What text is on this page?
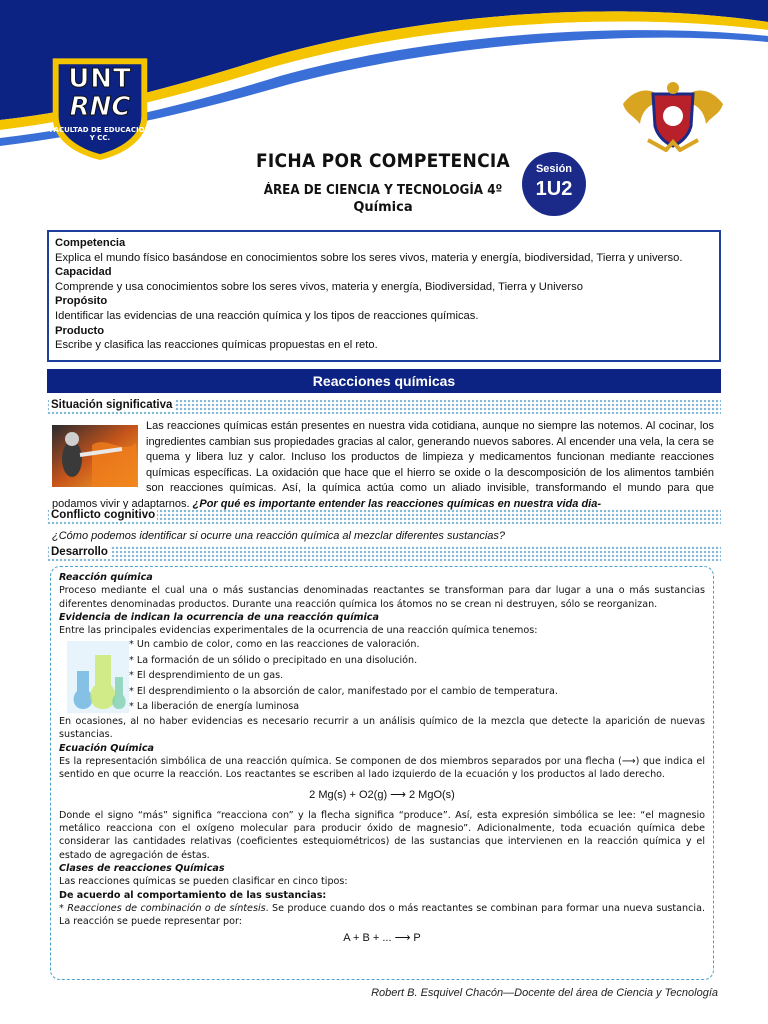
UNT
RNC
FACULTAD DE EDUCACION Y CC.
FICHA POR COMPETENCIA
ÁREA DE CIENCIA Y TECNOLOGÍA 4º
Química
Sesión
1U2
Competencia
Explica el mundo físico basándose en conocimientos sobre los seres vivos, materia y energía, biodiversidad, Tierra y universo.
Capacidad
Comprende y usa conocimientos sobre los seres vivos, materia y energía, Biodiversidad, Tierra y Universo
Propósito
Identificar las evidencias de una reacción química y los tipos de reacciones químicas.
Producto
Escribe y clasifica las reacciones químicas propuestas en el reto.
Reacciones químicas
Situación significativa
Las reacciones químicas están presentes en nuestra vida cotidiana, aunque no siempre las notemos. Al cocinar, los ingredientes cambian sus propiedades gracias al calor, generando nuevos sabores. Al encender una vela, la cera se quema y libera luz y calor. Incluso los productos de limpieza y medicamentos funcionan mediante reacciones químicas específicas. La oxidación que hace que el hierro se oxide o la descomposición de los alimentos también son reacciones químicas. Así, la química actúa como un aliado invisible, transformando el mundo para que podamos vivir y adaptarnos. ¿Por qué es importante entender las reacciones químicas en nuestra vida dia-
Conflicto cognitivo
¿Cómo podemos identificar si ocurre una reacción química al mezclar diferentes sustancias?
Desarrollo
Reacción química

Proceso mediante el cual una o más sustancias denominadas reactantes se transforman para dar lugar a una o más sustancias diferentes denominadas productos. Durante una reacción química los átomos no se crean ni destruyen, sólo se reorganizan.

Evidencia de indican la ocurrencia de una reacción química

Entre las principales evidencias experimentales de la ocurrencia de una reacción química tenemos:

* Un cambio de color, como en las reacciones de valoración.
* La formación de un sólido o precipitado en una disolución.
* El desprendimiento de un gas.
* El desprendimiento o la absorción de calor, manifestado por el cambio de temperatura.
* La liberación de energía luminosa

En ocasiones, al no haber evidencias es necesario recurrir a un análisis químico de la mezcla que detecte la aparición de nuevas sustancias.

Ecuación Química

Es la representación simbólica de una reacción química. Se componen de dos miembros separados por una flecha (⟶) que indica el sentido en que ocurre la reacción. Los reactantes se escriben al lado izquierdo de la ecuación y los productos al lado derecho.

2 Mg(s) + O2(g) ⟶ 2 MgO(s)

Donde el signo “más” significa “reacciona con” y la flecha significa “produce”. Así, esta expresión simbólica se lee: “el magnesio metálico reacciona con el oxígeno molecular para producir óxido de magnesio”. Adicionalmente, toda ecuación química debe considerar las cantidades relativas (coeficientes estequiométricos) de las sustancias que intervienen en la reacción química y el estado de agregación de éstas.

Clases de reacciones Químicas

Las reacciones químicas se pueden clasificar en cinco tipos:

De acuerdo al comportamiento de las sustancias:

* Reacciones de combinación o de síntesis. Se produce cuando dos o más reactantes se combinan para formar una nueva sustancia. La reacción se puede representar por:

A + B + ... ⟶ P
Robert B. Esquivel Chacón—Docente del área de Ciencia y Tecnología
